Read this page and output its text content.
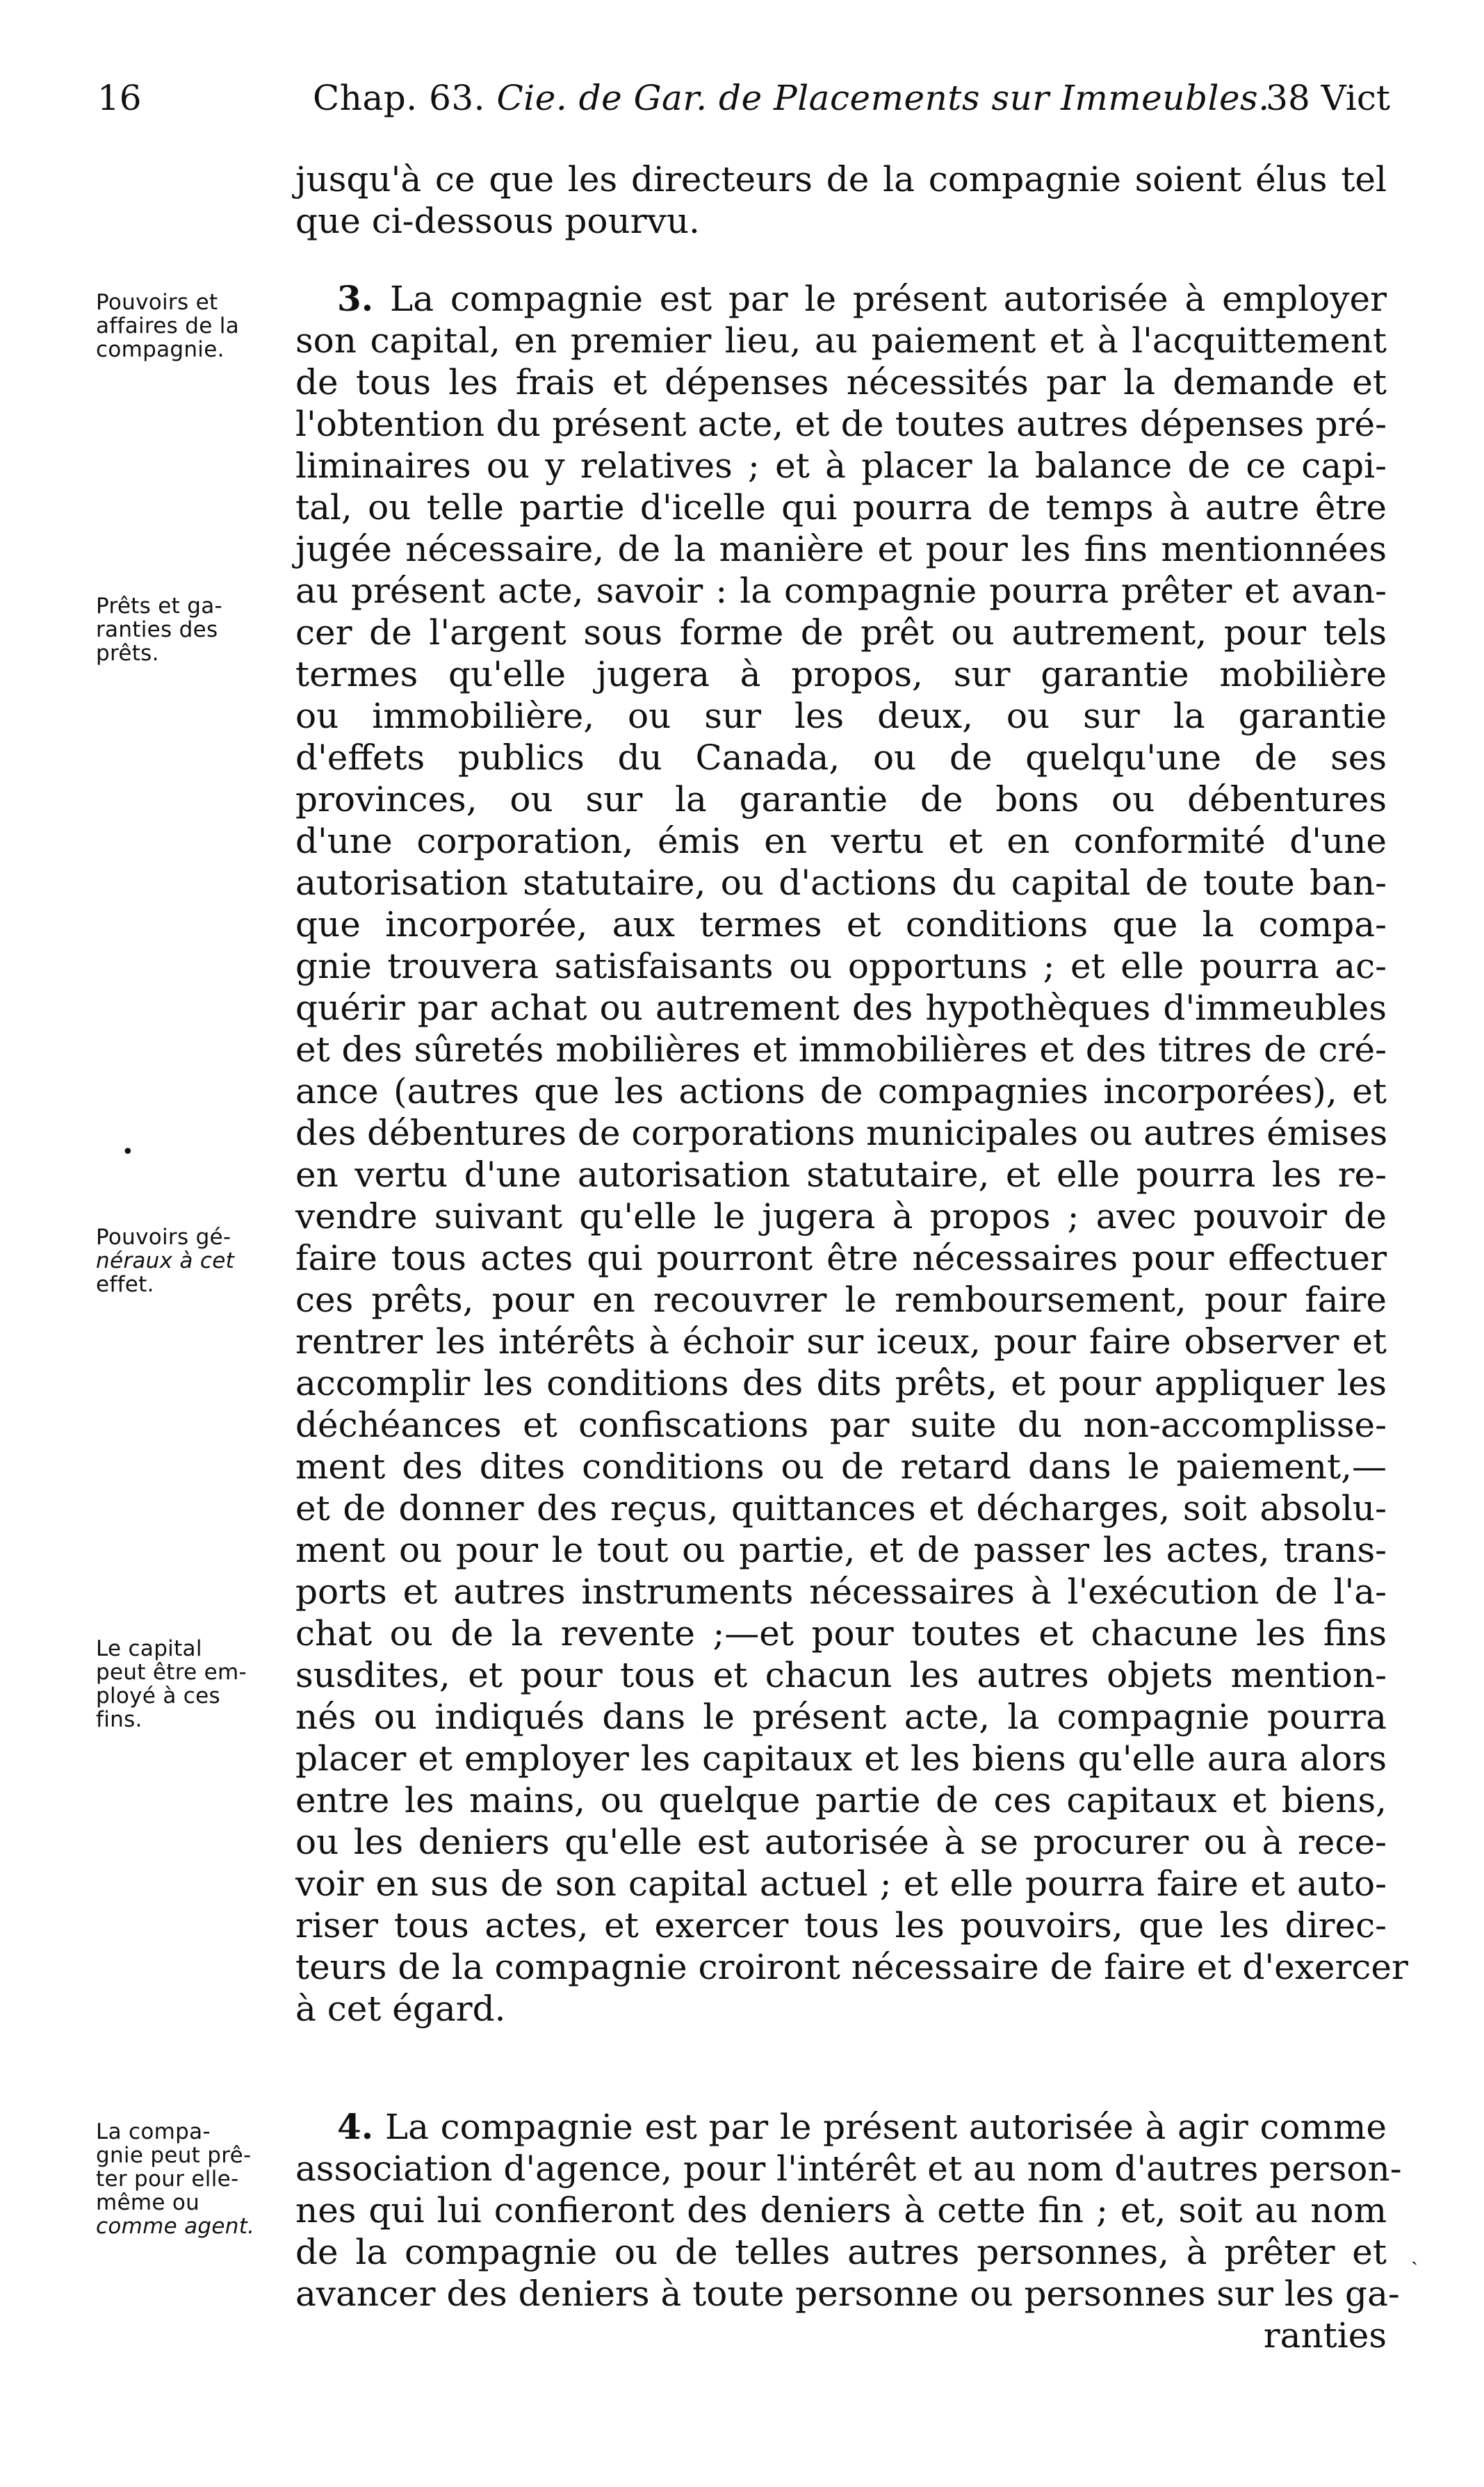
16	Chap. 63. Cie. de Gar. de Placements sur Immeubles.
38 Vict
Pouvoirs et
affaires de la
compagnie.
Prêts et ga-
ranties des
prêts.
Pouvoirs gé-
néraux à cet
effet.
Le capital
peut être em-
ployé à ces
fins.
La compa-
gnie peut prê-
ter pour elle-
même ou
comme agent.
•
jusqu'à ce que les directeurs de la compagnie soient élus tel
que ci-dessous pourvu.
3. La compagnie est par le présent autorisée à employer
son capital, en premier lieu, au paiement et à l'acquittement
de tous les frais et dépenses nécessités par la demande et
l'obtention du présent acte, et de toutes autres dépenses pré-
liminaires ou y relatives ; et à placer la balance de ce capi-
tal, ou telle partie d'icelle qui pourra de temps à autre être
jugée nécessaire, de la manière et pour les fins mentionnées
au présent acte, savoir : la compagnie pourra prêter et avan-
cer de l'argent sous forme de prêt ou autrement, pour tels
termes qu'elle jugera à propos, sur garantie mobilière
ou immobilière, ou sur les deux, ou sur la garantie
d'effets publics du Canada, ou de quelqu'une de ses
provinces, ou sur la garantie de bons ou débentures
d'une corporation, émis en vertu et en conformité d'une
autorisation statutaire, ou d'actions du capital de toute ban-
que incorporée, aux termes et conditions que la compa-
gnie trouvera satisfaisants ou opportuns ; et elle pourra ac-
quérir par achat ou autrement des hypothèques d'immeubles
et des sûretés mobilières et immobilières et des titres de cré-
ance (autres que les actions de compagnies incorporées), et
des débentures de corporations municipales ou autres émises
en vertu d'une autorisation statutaire, et elle pourra les re-
vendre suivant qu'elle le jugera à propos ; avec pouvoir de
faire tous actes qui pourront être nécessaires pour effectuer
ces prêts, pour en recouvrer le remboursement, pour faire
rentrer les intérêts à échoir sur iceux, pour faire observer et
accomplir les conditions des dits prêts, et pour appliquer les
déchéances et confiscations par suite du non-accomplisse-
ment des dites conditions ou de retard dans le paiement,—
et de donner des reçus, quittances et décharges, soit absolu-
ment ou pour le tout ou partie, et de passer les actes, trans-
ports et autres instruments nécessaires à l'exécution de l'a-
chat ou de la revente ;—et pour toutes et chacune les fins
susdites, et pour tous et chacun les autres objets mention-
nés ou indiqués dans le présent acte, la compagnie pourra
placer et employer les capitaux et les biens qu'elle aura alors
entre les mains, ou quelque partie de ces capitaux et biens,
ou les deniers qu'elle est autorisée à se procurer ou à rece-
voir en sus de son capital actuel ; et elle pourra faire et auto-
riser tous actes, et exercer tous les pouvoirs, que les direc-
teurs de la compagnie croiront nécessaire de faire et d'exercer
à cet égard.
4. La compagnie est par le présent autorisée à agir comme
association d'agence, pour l'intérêt et au nom d'autres person-
nes qui lui confieront des deniers à cette fin ; et, soit au nom
de la compagnie ou de telles autres personnes, à prêter et
avancer des deniers à toute personne ou personnes sur les ga-
ranties
ˏ
